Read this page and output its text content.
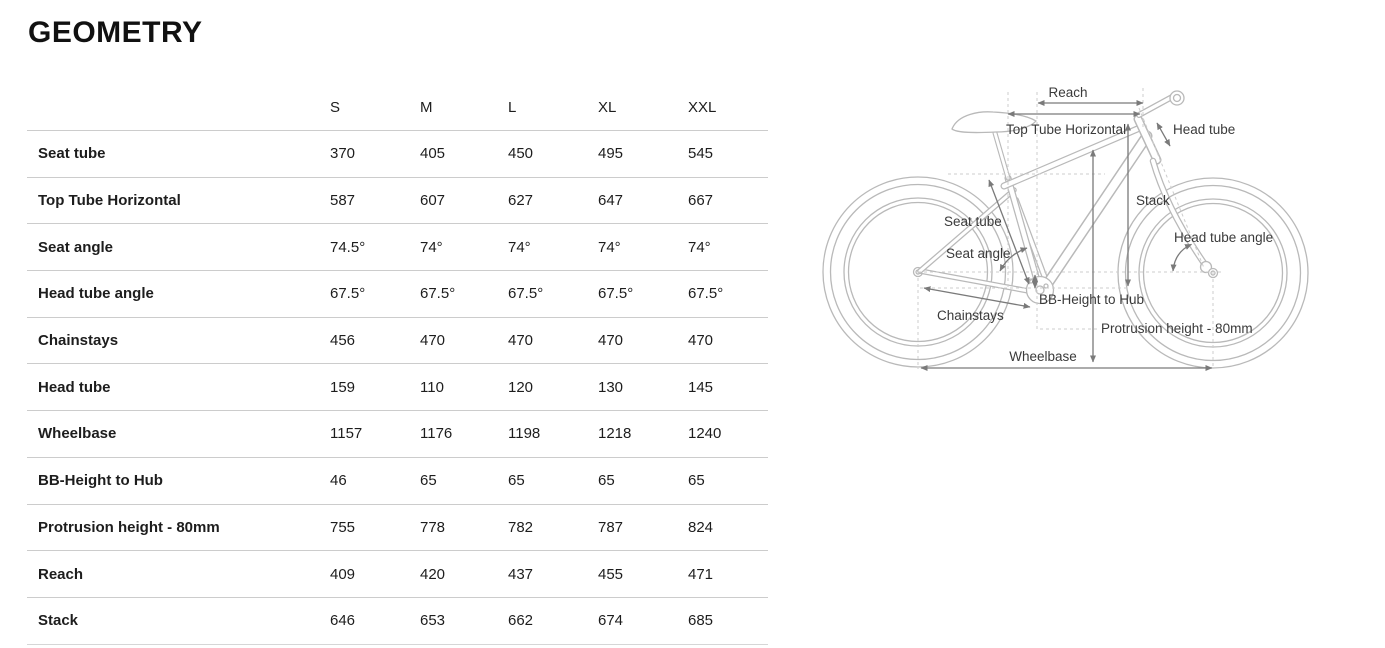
GEOMETRY
	S	M	L	XL	XXL
Seat tube	370	405	450	495	545
Top Tube Horizontal	587	607	627	647	667
Seat angle	74.5°	74°	74°	74°	74°
Head tube angle	67.5°	67.5°	67.5°	67.5°	67.5°
Chainstays	456	470	470	470	470
Head tube	159	110	120	130	145
Wheelbase	1157	1176	1198	1218	1240
BB-Height to Hub	46	65	65	65	65
Protrusion height - 80mm	755	778	782	787	824
Reach	409	420	437	455	471
Stack	646	653	662	674	685
Reach
Top Tube Horizontal	Head tube
Seat tube
Stack
Head tube angle
Seat angle
BB-Height to Hub
Chainstays
Protrusion height - 80mm
Wheelbase
